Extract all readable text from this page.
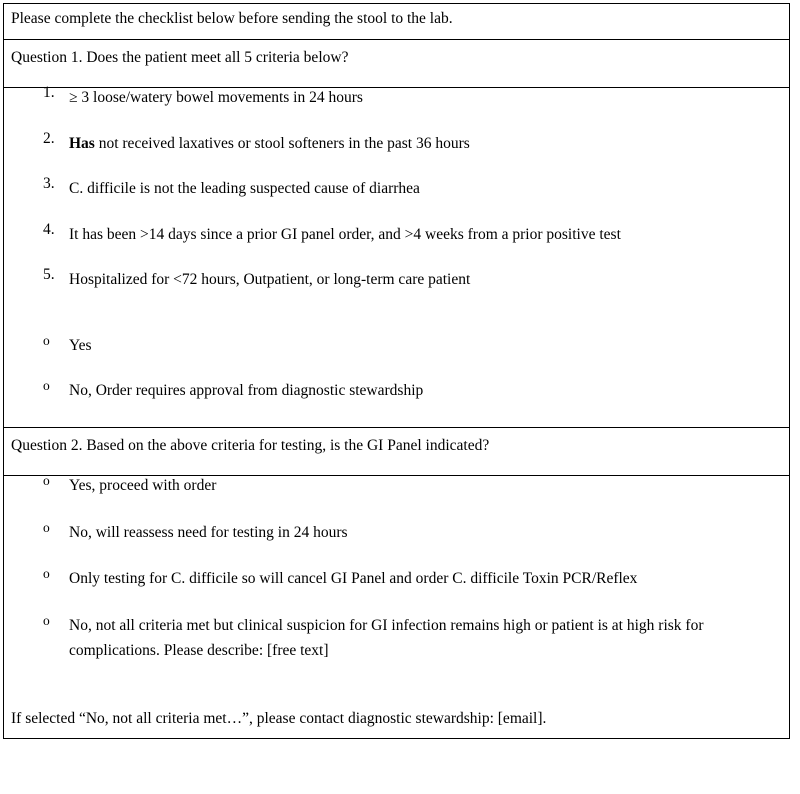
Please complete the checklist below before sending the stool to the lab.

Question 1. Does the patient meet all 5 criteria below?

1. ≥ 3 loose/watery bowel movements in 24 hours
2. Has not received laxatives or stool softeners in the past 36 hours
3. C. difficile is not the leading suspected cause of diarrhea
4. It has been >14 days since a prior GI panel order, and >4 weeks from a prior positive test
5. Hospitalized for <72 hours, Outpatient, or long-term care patient
o	Yes
o	No, Order requires approval from diagnostic stewardship

Question 2. Based on the above criteria for testing, is the GI Panel indicated?

o	Yes, proceed with order
o	No, will reassess need for testing in 24 hours
o	Only testing for C. difficile so will cancel GI Panel and order C. difficile Toxin PCR/Reflex
o	No, not all criteria met but clinical suspicion for GI infection remains high or patient is at high risk for complications. Please describe: [free text]
If selected “No, not all criteria met…”, please contact diagnostic stewardship: [email].
